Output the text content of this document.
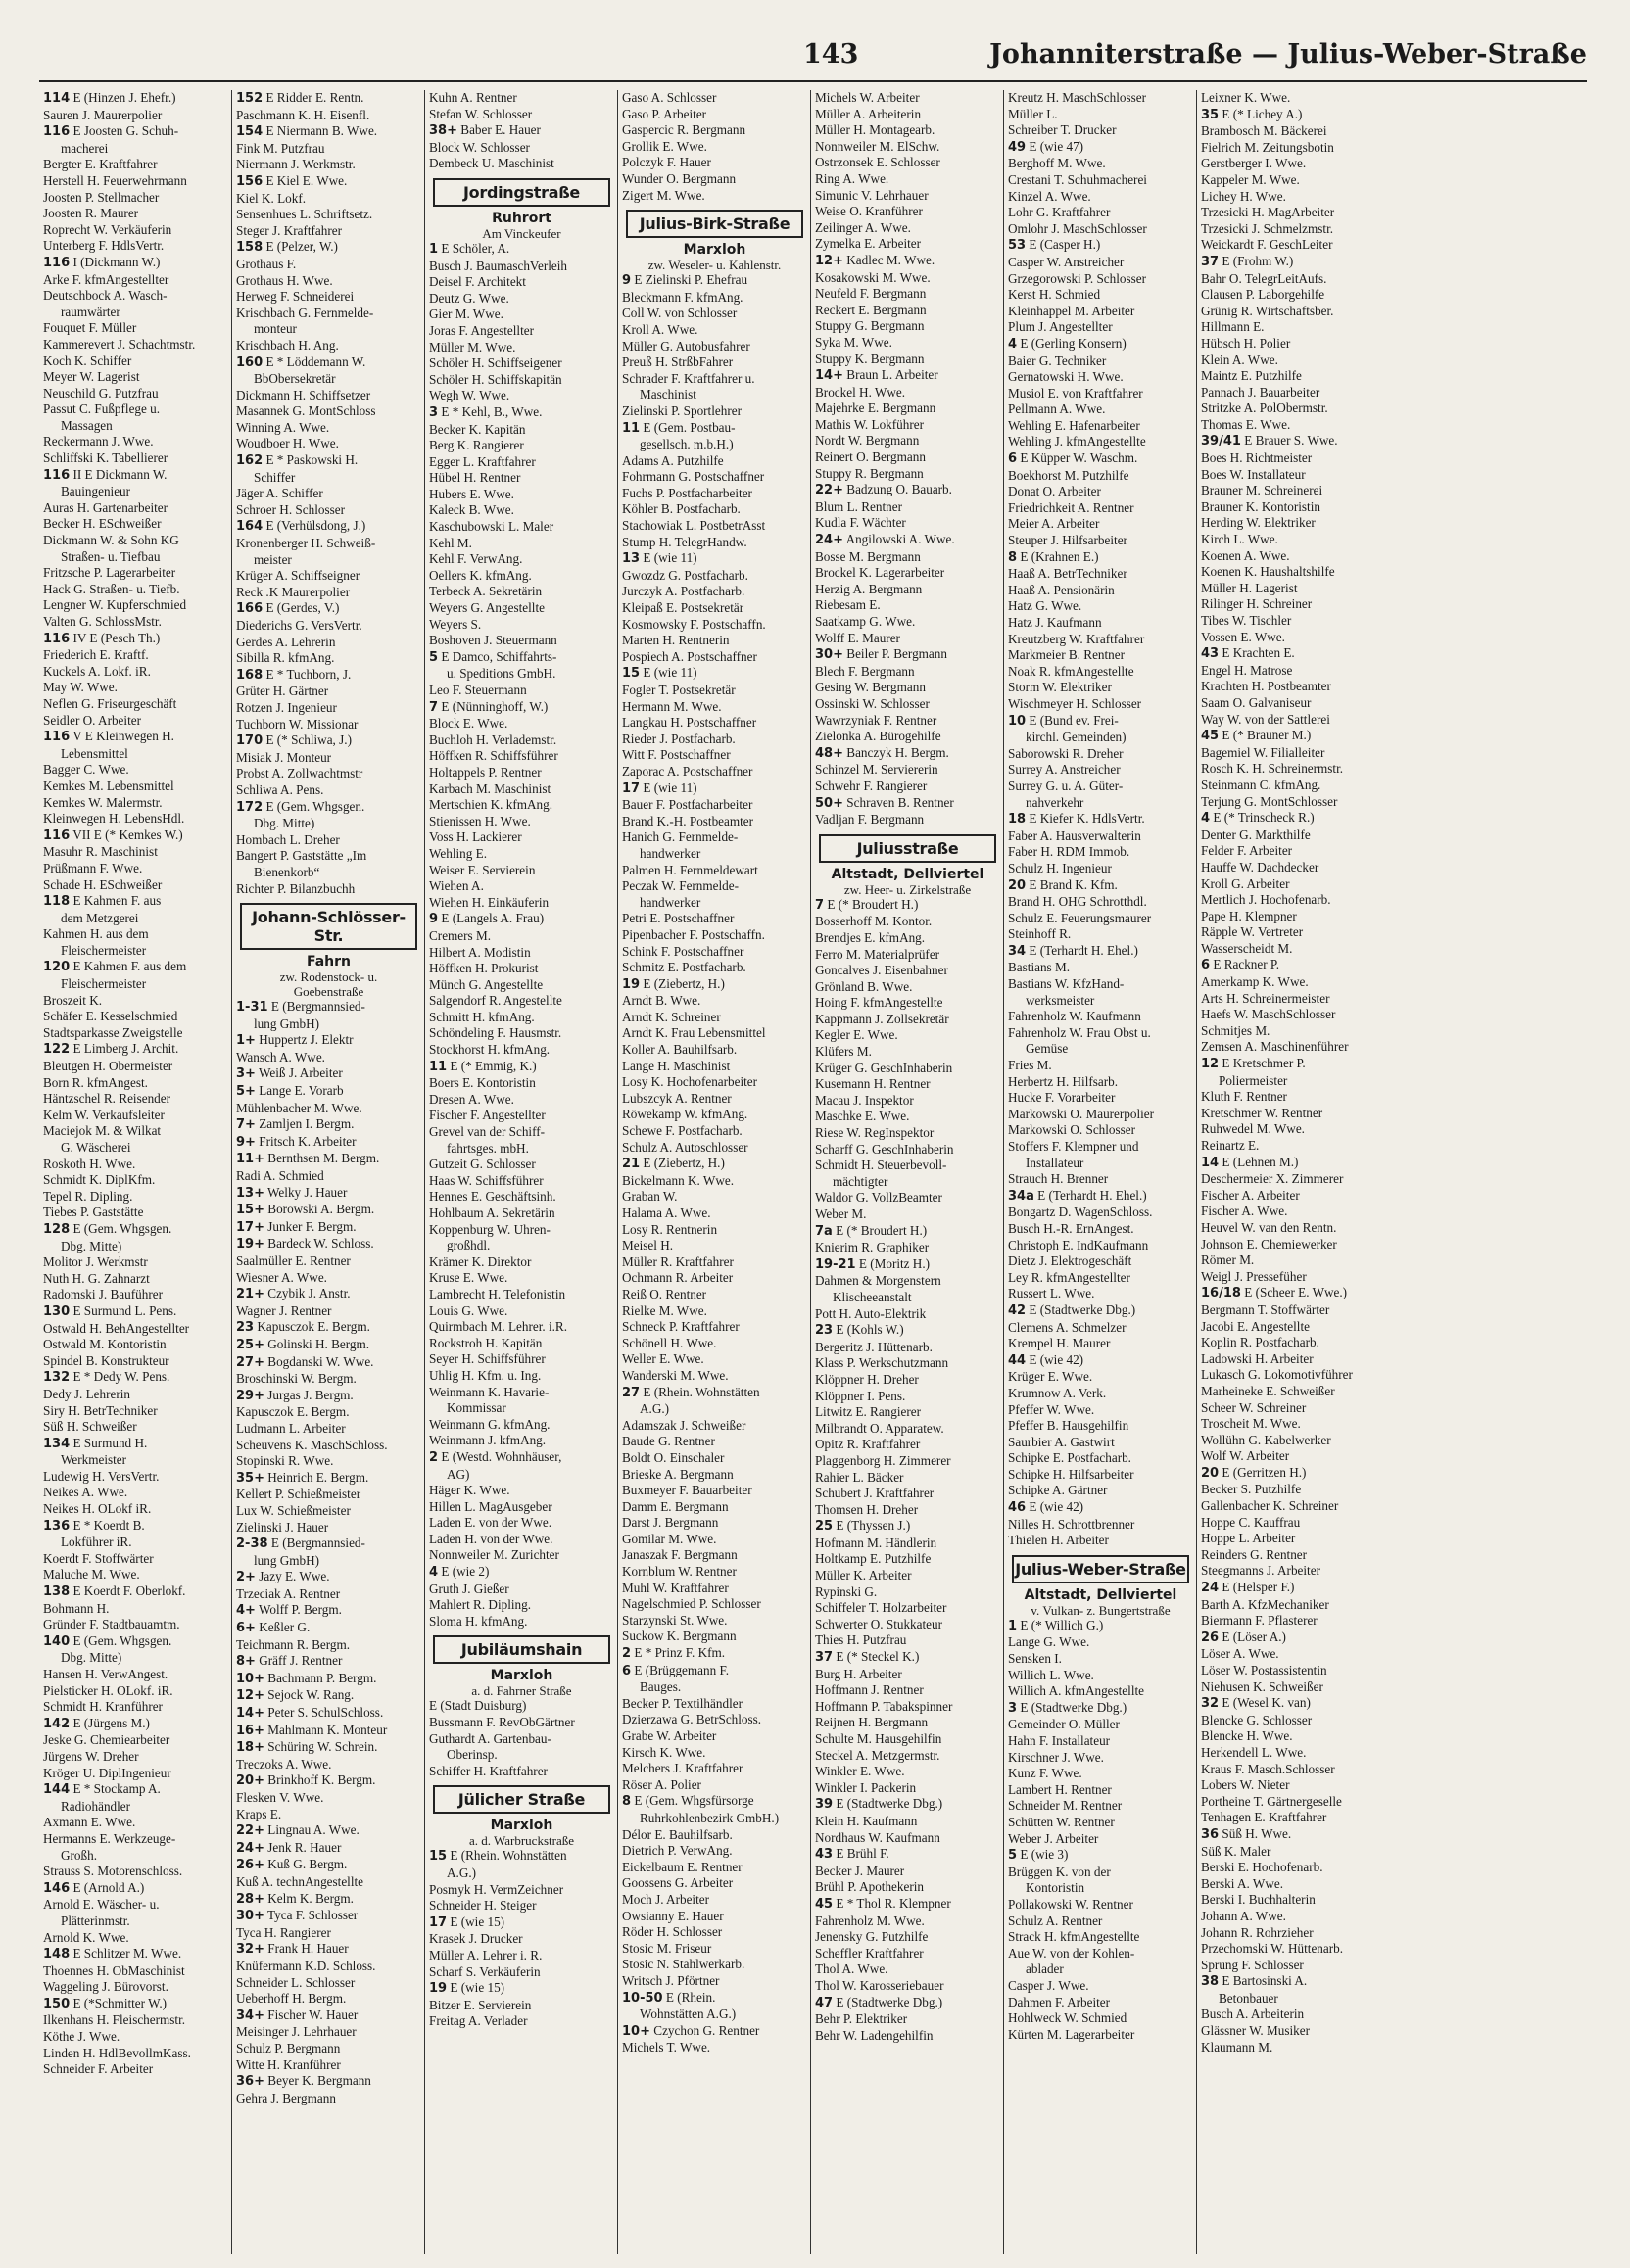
143	Johanniterstraße — Julius-Weber-Straße
114 E (Hinzen J. Ehefr.)
Sauren J. Maurerpolier
116 E Joosten G. Schuh-
macherei
Bergter E. Kraftfahrer
Herstell H. Feuerwehrmann
Joosten P. Stellmacher
Joosten R. Maurer
Roprecht W. Verkäuferin
Unterberg F. HdlsVertr.
116 I (Dickmann W.)
Arke F. kfmAngestellter
Deutschbock A. Wasch-
raumwärter
Fouquet F. Müller
Kammerevert J. Schachtmstr.
Koch K. Schiffer
Meyer W. Lagerist
Neuschild G. Putzfrau
Passut C. Fußpflege u.
Massagen
Reckermann J. Wwe.
Schliffski K. Tabellierer
116 II E Dickmann W.
Bauingenieur
Auras H. Gartenarbeiter
Becker H. ESchweißer
Dickmann W. & Sohn KG
Straßen- u. Tiefbau
Fritzsche P. Lagerarbeiter
Hack G. Straßen- u. Tiefb.
Lengner W. Kupferschmied
Valten G. SchlossMstr.
116 IV E (Pesch Th.)
Friederich E. Kraftf.
Kuckels A. Lokf. iR.
May W. Wwe.
Neflen G. Friseurgeschäft
Seidler O. Arbeiter
116 V E Kleinwegen H.
Lebensmittel
Bagger C. Wwe.
Kemkes M. Lebensmittel
Kemkes W. Malermstr.
Kleinwegen H. LebensHdl.
116 VII E (* Kemkes W.)
Masuhr R. Maschinist
Prüßmann F. Wwe.
Schade H. ESchweißer
118 E Kahmen F. aus
dem Metzgerei
Kahmen H. aus dem
Fleischermeister
120 E Kahmen F. aus dem
Fleischermeister
Broszeit K.
Schäfer E. Kesselschmied
Stadtsparkasse Zweigstelle
122 E Limberg J. Archit.
Bleutgen H. Obermeister
Born R. kfmAngest.
Häntzschel R. Reisender
Kelm W. Verkaufsleiter
Maciejok M. & Wilkat
G. Wäscherei
Roskoth H. Wwe.
Schmidt K. DiplKfm.
Tepel R. Dipling.
Tiebes P. Gaststätte
128 E (Gem. Whgsgen.
Dbg. Mitte)
Molitor J. Werkmstr
Nuth H. G. Zahnarzt
Radomski J. Bauführer
130 E Surmund L. Pens.
Ostwald H. BehAngestellter
Ostwald M. Kontoristin
Spindel B. Konstrukteur
132 E * Dedy W. Pens.
Dedy J. Lehrerin
Siry H. BetrTechniker
Süß H. Schweißer
134 E Surmund H.
Werkmeister
Ludewig H. VersVertr.
Neikes A. Wwe.
Neikes H. OLokf iR.
136 E * Koerdt B.
Lokführer iR.
Koerdt F. Stoffwärter
Maluche M. Wwe.
138 E Koerdt F. Oberlokf.
Bohmann H.
Gründer F. Stadtbauamtm.
140 E (Gem. Whgsgen.
Dbg. Mitte)
Hansen H. VerwAngest.
Pielsticker H. OLokf. iR.
Schmidt H. Kranführer
142 E (Jürgens M.)
Jeske G. Chemiearbeiter
Jürgens W. Dreher
Kröger U. DiplIngenieur
144 E * Stockamp A.
Radiohändler
Axmann E. Wwe.
Hermanns E. Werkzeuge-
Großh.
Strauss S. Motorenschloss.
146 E (Arnold A.)
Arnold E. Wäscher- u.
Plätterinmstr.
Arnold K. Wwe.
148 E Schlitzer M. Wwe.
Thoennes H. ObMaschinist
Waggeling J. Bürovorst.
150 E (*Schmitter W.)
Ilkenhans H. Fleischermstr.
Köthe J. Wwe.
Linden H. HdlBevollmKass.
Schneider F. Arbeiter
152 E Ridder E. Rentn.
Paschmann K. H. Eisenfl.
154 E Niermann B. Wwe.
Fink M. Putzfrau
Niermann J. Werkmstr.
156 E Kiel E. Wwe.
Kiel K. Lokf.
Sensenhues L. Schriftsetz.
Steger J. Kraftfahrer
158 E (Pelzer, W.)
Grothaus F.
Grothaus H. Wwe.
Herweg F. Schneiderei
Krischbach G. Fernmelde-
monteur
Krischbach H. Ang.
160 E * Löddemann W.
BbObersekretär
Dickmann H. Schiffsetzer
Masannek G. MontSchloss
Winning A. Wwe.
Woudboer H. Wwe.
162 E * Paskowski H.
Schiffer
Jäger A. Schiffer
Schroer H. Schlosser
164 E (Verhülsdong, J.)
Kronenberger H. Schweiß-
meister
Krüger A. Schiffseigner
Reck .K Maurerpolier
166 E (Gerdes, V.)
Diederichs G. VersVertr.
Gerdes A. Lehrerin
Sibilla R. kfmAng.
168 E * Tuchborn, J.
Grüter H. Gärtner
Rotzen J. Ingenieur
Tuchborn W. Missionar
170 E (* Schliwa, J.)
Misiak J. Monteur
Probst A. Zollwachtmstr
Schliwa A. Pens.
172 E (Gem. Whgsgen.
Dbg. Mitte)
Hombach L. Dreher
Bangert P. Gaststätte „Im
Bienenkorb“
Richter P. Bilanzbuchh
Johann-Schlösser-Str.
Fahrn
zw. Rodenstock- u.
Goebenstraße
1-31 E (Bergmannsied-
lung GmbH)
1+ Huppertz J. Elektr
Wansch A. Wwe.
3+ Weiß J. Arbeiter
5+ Lange E. Vorarb
Mühlenbacher M. Wwe.
7+ Zamljen I. Bergm.
9+ Fritsch K. Arbeiter
11+ Bernthsen M. Bergm.
Radi A. Schmied
13+ Welky J. Hauer
15+ Borowski A. Bergm.
17+ Junker F. Bergm.
19+ Bardeck W. Schloss.
Saalmüller E. Rentner
Wiesner A. Wwe.
21+ Czybik J. Anstr.
Wagner J. Rentner
23 Kapusczok E. Bergm.
25+ Golinski H. Bergm.
27+ Bogdanski W. Wwe.
Broschinski W. Bergm.
29+ Jurgas J. Bergm.
Kapusczok E. Bergm.
Ludmann L. Arbeiter
Scheuvens K. MaschSchloss.
Stopinski R. Wwe.
35+ Heinrich E. Bergm.
Kellert P. Schießmeister
Lux W. Schießmeister
Zielinski J. Hauer
2-38 E (Bergmannsied-
lung GmbH)
2+ Jazy E. Wwe.
Trzeciak A. Rentner
4+ Wolff P. Bergm.
6+ Keßler G.
Teichmann R. Bergm.
8+ Gräff J. Rentner
10+ Bachmann P. Bergm.
12+ Sejock W. Rang.
14+ Peter S. SchulSchloss.
16+ Mahlmann K. Monteur
18+ Schüring W. Schrein.
Treczoks A. Wwe.
20+ Brinkhoff K. Bergm.
Flesken V. Wwe.
Kraps E.
22+ Lingnau A. Wwe.
24+ Jenk R. Hauer
26+ Kuß G. Bergm.
Kuß A. technAngestellte
28+ Kelm K. Bergm.
30+ Tyca F. Schlosser
Tyca H. Rangierer
32+ Frank H. Hauer
Knüfermann K.D. Schloss.
Schneider L. Schlosser
Ueberhoff H. Bergm.
34+ Fischer W. Hauer
Meisinger J. Lehrhauer
Schulz P. Bergmann
Witte H. Kranführer
36+ Beyer K. Bergmann
Gehra J. Bergmann
Kuhn A. Rentner
Stefan W. Schlosser
38+ Baber E. Hauer
Block W. Schlosser
Dembeck U. Maschinist
Jordingstraße
Ruhrort
Am Vinckeufer
1 E Schöler, A.
Busch J. BaumaschVerleih
Deisel F. Architekt
Deutz G. Wwe.
Gier M. Wwe.
Joras F. Angestellter
Müller M. Wwe.
Schöler H. Schiffseigener
Schöler H. Schiffskapitän
Wegh W. Wwe.
3 E * Kehl, B., Wwe.
Becker K. Kapitän
Berg K. Rangierer
Egger L. Kraftfahrer
Hübel H. Rentner
Hubers E. Wwe.
Kaleck B. Wwe.
Kaschubowski L. Maler
Kehl M.
Kehl F. VerwAng.
Oellers K. kfmAng.
Terbeck A. Sekretärin
Weyers G. Angestellte
Weyers S.
Boshoven J. Steuermann
5 E Damco, Schiffahrts-
u. Speditions GmbH.
Leo F. Steuermann
7 E (Nünninghoff, W.)
Block E. Wwe.
Buchloh H. Verlademstr.
Höffken R. Schiffsführer
Holtappels P. Rentner
Karbach M. Maschinist
Mertschien K. kfmAng.
Stienissen H. Wwe.
Voss H. Lackierer
Wehling E.
Weiser E. Servierein
Wiehen A.
Wiehen H. Einkäuferin
9 E (Langels A. Frau)
Cremers M.
Hilbert A. Modistin
Höffken H. Prokurist
Münch G. Angestellte
Salgendorf R. Angestellte
Schmitt H. kfmAng.
Schöndeling F. Hausmstr.
Stockhorst H. kfmAng.
11 E (* Emmig, K.)
Boers E. Kontoristin
Dresen A. Wwe.
Fischer F. Angestellter
Grevel van der Schiff-
fahrtsges. mbH.
Gutzeit G. Schlosser
Haas W. Schiffsführer
Hennes E. Geschäftsinh.
Hohlbaum A. Sekretärin
Koppenburg W. Uhren-
großhdl.
Krämer K. Direktor
Kruse E. Wwe.
Lambrecht H. Telefonistin
Louis G. Wwe.
Quirmbach M. Lehrer. i.R.
Rockstroh H. Kapitän
Seyer H. Schiffsführer
Uhlig H. Kfm. u. Ing.
Weinmann K. Havarie-
Kommissar
Weinmann G. kfmAng.
Weinmann J. kfmAng.
2 E (Westd. Wohnhäuser,
AG)
Häger K. Wwe.
Hillen L. MagAusgeber
Laden E. von der Wwe.
Laden H. von der Wwe.
Nonnweiler M. Zurichter
4 E (wie 2)
Gruth J. Gießer
Mahlert R. Dipling.
Sloma H. kfmAng.
Jubiläumshain
Marxloh
a. d. Fahrner Straße
E (Stadt Duisburg)
Bussmann F. RevObGärtner
Guthardt A. Gartenbau-
Oberinsp.
Schiffer H. Kraftfahrer
Jülicher Straße
Marxloh
a. d. Warbruckstraße
15 E (Rhein. Wohnstätten
A.G.)
Posmyk H. VermZeichner
Schneider H. Steiger
17 E (wie 15)
Krasek J. Drucker
Müller A. Lehrer i. R.
Scharf S. Verkäuferin
19 E (wie 15)
Bitzer E. Servierein
Freitag A. Verlader
Gaso A. Schlosser
Gaso P. Arbeiter
Gaspercic R. Bergmann
Grollik E. Wwe.
Polczyk F. Hauer
Wunder O. Bergmann
Zigert M. Wwe.
Julius-Birk-Straße
Marxloh
zw. Weseler- u. Kahlenstr.
9 E Zielinski P. Ehefrau
Bleckmann F. kfmAng.
Coll W. von Schlosser
Kroll A. Wwe.
Müller G. Autobusfahrer
Preuß H. StrßbFahrer
Schrader F. Kraftfahrer u.
Maschinist
Zielinski P. Sportlehrer
11 E (Gem. Postbau-
gesellsch. m.b.H.)
Adams A. Putzhilfe
Fohrmann G. Postschaffner
Fuchs P. Postfacharbeiter
Köhler B. Postfacharb.
Stachowiak L. PostbetrAsst
Stump H. TelegrHandw.
13 E (wie 11)
Gwozdz G. Postfacharb.
Jurczyk A. Postfacharb.
Kleipaß E. Postsekretär
Kosmowsky F. Postschaffn.
Marten H. Rentnerin
Pospiech A. Postschaffner
15 E (wie 11)
Fogler T. Postsekretär
Hermann M. Wwe.
Langkau H. Postschaffner
Rieder J. Postfacharb.
Witt F. Postschaffner
Zaporac A. Postschaffner
17 E (wie 11)
Bauer F. Postfacharbeiter
Brand K.-H. Postbeamter
Hanich G. Fernmelde-
handwerker
Palmen H. Fernmeldewart
Peczak W. Fernmelde-
handwerker
Petri E. Postschaffner
Pipenbacher F. Postschaffn.
Schink F. Postschaffner
Schmitz E. Postfacharb.
19 E (Ziebertz, H.)
Arndt B. Wwe.
Arndt K. Schreiner
Arndt K. Frau Lebensmittel
Koller A. Bauhilfsarb.
Lange H. Maschinist
Losy K. Hochofenarbeiter
Lubszcyk A. Rentner
Röwekamp W. kfmAng.
Schewe F. Postfacharb.
Schulz A. Autoschlosser
21 E (Ziebertz, H.)
Bickelmann K. Wwe.
Graban W.
Halama A. Wwe.
Losy R. Rentnerin
Meisel H.
Müller R. Kraftfahrer
Ochmann R. Arbeiter
Reiß O. Rentner
Rielke M. Wwe.
Schneck P. Kraftfahrer
Schönell H. Wwe.
Weller E. Wwe.
Wanderski M. Wwe.
27 E (Rhein. Wohnstätten
A.G.)
Adamszak J. Schweißer
Baude G. Rentner
Boldt O. Einschaler
Brieske A. Bergmann
Buxmeyer F. Bauarbeiter
Damm E. Bergmann
Darst J. Bergmann
Gomilar M. Wwe.
Janaszak F. Bergmann
Kornblum W. Rentner
Muhl W. Kraftfahrer
Nagelschmied P. Schlosser
Starzynski St. Wwe.
Suckow K. Bergmann
2 E * Prinz F. Kfm.
6 E (Brüggemann F.
Bauges.
Becker P. Textilhändler
Dzierzawa G. BetrSchloss.
Grabe W. Arbeiter
Kirsch K. Wwe.
Melchers J. Kraftfahrer
Röser A. Polier
8 E (Gem. Whgsfürsorge
Ruhrkohlenbezirk GmbH.)
Délor E. Bauhilfsarb.
Dietrich P. VerwAng.
Eickelbaum E. Rentner
Goossens G. Arbeiter
Moch J. Arbeiter
Owsianny E. Hauer
Röder H. Schlosser
Stosic M. Friseur
Stosic N. Stahlwerkarb.
Writsch J. Pförtner
10-50 E (Rhein.
Wohnstätten A.G.)
10+ Czychon G. Rentner
Michels T. Wwe.
Michels W. Arbeiter
Müller A. Arbeiterin
Müller H. Montagearb.
Nonnweiler M. ElSchw.
Ostrzonsek E. Schlosser
Ring A. Wwe.
Simunic V. Lehrhauer
Weise O. Kranführer
Zeilinger A. Wwe.
Zymelka E. Arbeiter
12+ Kadlec M. Wwe.
Kosakowski M. Wwe.
Neufeld F. Bergmann
Reckert E. Bergmann
Stuppy G. Bergmann
Syka M. Wwe.
Stuppy K. Bergmann
14+ Braun L. Arbeiter
Brockel H. Wwe.
Majehrke E. Bergmann
Mathis W. Lokführer
Nordt W. Bergmann
Reinert O. Bergmann
Stuppy R. Bergmann
22+ Badzung O. Bauarb.
Blum L. Rentner
Kudla F. Wächter
24+ Angilowski A. Wwe.
Bosse M. Bergmann
Brockel K. Lagerarbeiter
Herzig A. Bergmann
Riebesam E.
Saatkamp G. Wwe.
Wolff E. Maurer
30+ Beiler P. Bergmann
Blech F. Bergmann
Gesing W. Bergmann
Ossinski W. Schlosser
Wawrzyniak F. Rentner
Zielonka A. Bürogehilfe
48+ Banczyk H. Bergm.
Schinzel M. Serviererin
Schwehr F. Rangierer
50+ Schraven B. Rentner
Vadljan F. Bergmann
Juliusstraße
Altstadt, Dellviertel
zw. Heer- u. Zirkelstraße
7 E (* Broudert H.)
Bosserhoff M. Kontor.
Brendjes E. kfmAng.
Ferro M. Materialprüfer
Goncalves J. Eisenbahner
Grönland B. Wwe.
Hoing F. kfmAngestellte
Kappmann J. Zollsekretär
Kegler E. Wwe.
Klüfers M.
Krüger G. GeschInhaberin
Kusemann H. Rentner
Macau J. Inspektor
Maschke E. Wwe.
Riese W. RegInspektor
Scharff G. GeschInhaberin
Schmidt H. Steuerbevoll-
mächtigter
Waldor G. VollzBeamter
Weber M.
7a E (* Broudert H.)
Knierim R. Graphiker
19-21 E (Moritz H.)
Dahmen & Morgenstern
Klischeeanstalt
Pott H. Auto-Elektrik
23 E (Kohls W.)
Bergeritz J. Hüttenarb.
Klass P. Werkschutzmann
Klöppner H. Dreher
Klöppner I. Pens.
Litwitz E. Rangierer
Milbrandt O. Apparatew.
Opitz R. Kraftfahrer
Plaggenborg H. Zimmerer
Rahier L. Bäcker
Schubert J. Kraftfahrer
Thomsen H. Dreher
25 E (Thyssen J.)
Hofmann M. Händlerin
Holtkamp E. Putzhilfe
Müller K. Arbeiter
Rypinski G.
Schiffeler T. Holzarbeiter
Schwerter O. Stukkateur
Thies H. Putzfrau
37 E (* Steckel K.)
Burg H. Arbeiter
Hoffmann J. Rentner
Hoffmann P. Tabakspinner
Reijnen H. Bergmann
Schulte M. Hausgehilfin
Steckel A. Metzgermstr.
Winkler E. Wwe.
Winkler I. Packerin
39 E (Stadtwerke Dbg.)
Klein H. Kaufmann
Nordhaus W. Kaufmann
43 E Brühl F.
Becker J. Maurer
Brühl P. Apothekerin
45 E * Thol R. Klempner
Fahrenholz M. Wwe.
Jenensky G. Putzhilfe
Scheffler Kraftfahrer
Thol A. Wwe.
Thol W. Karosseriebauer
47 E (Stadtwerke Dbg.)
Behr P. Elektriker
Behr W. Ladengehilfin
Kreutz H. MaschSchlosser
Müller L.
Schreiber T. Drucker
49 E (wie 47)
Berghoff M. Wwe.
Crestani T. Schuhmacherei
Kinzel A. Wwe.
Lohr G. Kraftfahrer
Omlohr J. MaschSchlosser
53 E (Casper H.)
Casper W. Anstreicher
Grzegorowski P. Schlosser
Kerst H. Schmied
Kleinhappel M. Arbeiter
Plum J. Angestellter
4 E (Gerling Konsern)
Baier G. Techniker
Gernatowski H. Wwe.
Musiol E. von Kraftfahrer
Pellmann A. Wwe.
Wehling E. Hafenarbeiter
Wehling J. kfmAngestellte
6 E Küpper W. Waschm.
Boekhorst M. Putzhilfe
Donat O. Arbeiter
Friedrichkeit A. Rentner
Meier A. Arbeiter
Steuper J. Hilfsarbeiter
8 E (Krahnen E.)
Haaß A. BetrTechniker
Haaß A. Pensionärin
Hatz G. Wwe.
Hatz J. Kaufmann
Kreutzberg W. Kraftfahrer
Markmeier B. Rentner
Noak R. kfmAngestellte
Storm W. Elektriker
Wischmeyer H. Schlosser
10 E (Bund ev. Frei-
kirchl. Gemeinden)
Saborowski R. Dreher
Surrey A. Anstreicher
Surrey G. u. A. Güter-
nahverkehr
18 E Kiefer K. HdlsVertr.
Faber A. Hausverwalterin
Faber H. RDM Immob.
Schulz H. Ingenieur
20 E Brand K. Kfm.
Brand H. OHG Schrotthdl.
Schulz E. Feuerungsmaurer
Steinhoff R.
34 E (Terhardt H. Ehel.)
Bastians M.
Bastians W. KfzHand-
werksmeister
Fahrenholz W. Kaufmann
Fahrenholz W. Frau Obst u.
Gemüse
Fries M.
Herbertz H. Hilfsarb.
Hucke F. Vorarbeiter
Markowski O. Maurerpolier
Markowski O. Schlosser
Stoffers F. Klempner und
Installateur
Strauch H. Brenner
34a E (Terhardt H. Ehel.)
Bongartz D. WagenSchloss.
Busch H.-R. ErnAngest.
Christoph E. IndKaufmann
Dietz J. Elektrogeschäft
Ley R. kfmAngestellter
Russert L. Wwe.
42 E (Stadtwerke Dbg.)
Clemens A. Schmelzer
Krempel H. Maurer
44 E (wie 42)
Krüger E. Wwe.
Krumnow A. Verk.
Pfeffer W. Wwe.
Pfeffer B. Hausgehilfin
Saurbier A. Gastwirt
Schipke E. Postfacharb.
Schipke H. Hilfsarbeiter
Schipke A. Gärtner
46 E (wie 42)
Nilles H. Schrottbrenner
Thielen H. Arbeiter
Julius-Weber-Straße
Altstadt, Dellviertel
v. Vulkan- z. Bungertstraße
1 E (* Willich G.)
Lange G. Wwe.
Sensken I.
Willich L. Wwe.
Willich A. kfmAngestellte
3 E (Stadtwerke Dbg.)
Gemeinder O. Müller
Hahn F. Installateur
Kirschner J. Wwe.
Kunz F. Wwe.
Lambert H. Rentner
Schneider M. Rentner
Schütten W. Rentner
Weber J. Arbeiter
5 E (wie 3)
Brüggen K. von der
Kontoristin
Pollakowski W. Rentner
Schulz A. Rentner
Strack H. kfmAngestellte
Aue W. von der Kohlen-
ablader
Casper J. Wwe.
Dahmen F. Arbeiter
Hohlweck W. Schmied
Kürten M. Lagerarbeiter
Leixner K. Wwe.
35 E (* Lichey A.)
Brambosch M. Bäckerei
Fielrich M. Zeitungsbotin
Gerstberger I. Wwe.
Kappeler M. Wwe.
Lichey H. Wwe.
Trzesicki H. MagArbeiter
Trzesicki J. Schmelzmstr.
Weickardt F. GeschLeiter
37 E (Frohm W.)
Bahr O. TelegrLeitAufs.
Clausen P. Laborgehilfe
Grünig R. Wirtschaftsber.
Hillmann E.
Hübsch H. Polier
Klein A. Wwe.
Maintz E. Putzhilfe
Pannach J. Bauarbeiter
Stritzke A. PolObermstr.
Thomas E. Wwe.
39/41 E Brauer S. Wwe.
Boes H. Richtmeister
Boes W. Installateur
Brauner M. Schreinerei
Brauner K. Kontoristin
Herding W. Elektriker
Kirch L. Wwe.
Koenen A. Wwe.
Koenen K. Haushaltshilfe
Müller H. Lagerist
Rilinger H. Schreiner
Tibes W. Tischler
Vossen E. Wwe.
43 E Krachten E.
Engel H. Matrose
Krachten H. Postbeamter
Saam O. Galvaniseur
Way W. von der Sattlerei
45 E (* Brauner M.)
Bagemiel W. Filialleiter
Rosch K. H. Schreinermstr.
Steinmann C. kfmAng.
Terjung G. MontSchlosser
4 E (* Trinscheck R.)
Denter G. Markthilfe
Felder F. Arbeiter
Hauffe W. Dachdecker
Kroll G. Arbeiter
Mertlich J. Hochofenarb.
Pape H. Klempner
Räpple W. Vertreter
Wasserscheidt M.
6 E Rackner P.
Amerkamp K. Wwe.
Arts H. Schreinermeister
Haefs W. MaschSchlosser
Schmitjes M.
Zemsen A. Maschinenführer
12 E Kretschmer P.
Poliermeister
Kluth F. Rentner
Kretschmer W. Rentner
Ruhwedel M. Wwe.
Reinartz E.
14 E (Lehnen M.)
Deschermeier X. Zimmerer
Fischer A. Arbeiter
Fischer A. Wwe.
Heuvel W. van den Rentn.
Johnson E. Chemiewerker
Römer M.
Weigl J. Pressefüher
16/18 E (Scheer E. Wwe.)
Bergmann T. Stoffwärter
Jacobi E. Angestellte
Koplin R. Postfacharb.
Ladowski H. Arbeiter
Lukasch G. Lokomotivführer
Marheineke E. Schweißer
Scheer W. Schreiner
Troscheit M. Wwe.
Wollühn G. Kabelwerker
Wolf W. Arbeiter
20 E (Gerritzen H.)
Becker S. Putzhilfe
Gallenbacher K. Schreiner
Hoppe C. Kauffrau
Hoppe L. Arbeiter
Reinders G. Rentner
Steegmanns J. Arbeiter
24 E (Helsper F.)
Barth A. KfzMechaniker
Biermann F. Pflasterer
26 E (Löser A.)
Löser A. Wwe.
Löser W. Postassistentin
Niehusen K. Schweißer
32 E (Wesel K. van)
Blencke G. Schlosser
Blencke H. Wwe.
Herkendell L. Wwe.
Kraus F. Masch.Schlosser
Lobers W. Nieter
Portheine T. Gärtnergeselle
Tenhagen E. Kraftfahrer
36 Süß H. Wwe.
Süß K. Maler
Berski E. Hochofenarb.
Berski A. Wwe.
Berski I. Buchhalterin
Johann A. Wwe.
Johann R. Rohrzieher
Przechomski W. Hüttenarb.
Sprung F. Schlosser
38 E Bartosinski A.
Betonbauer
Busch A. Arbeiterin
Glässner W. Musiker
Klaumann M.
